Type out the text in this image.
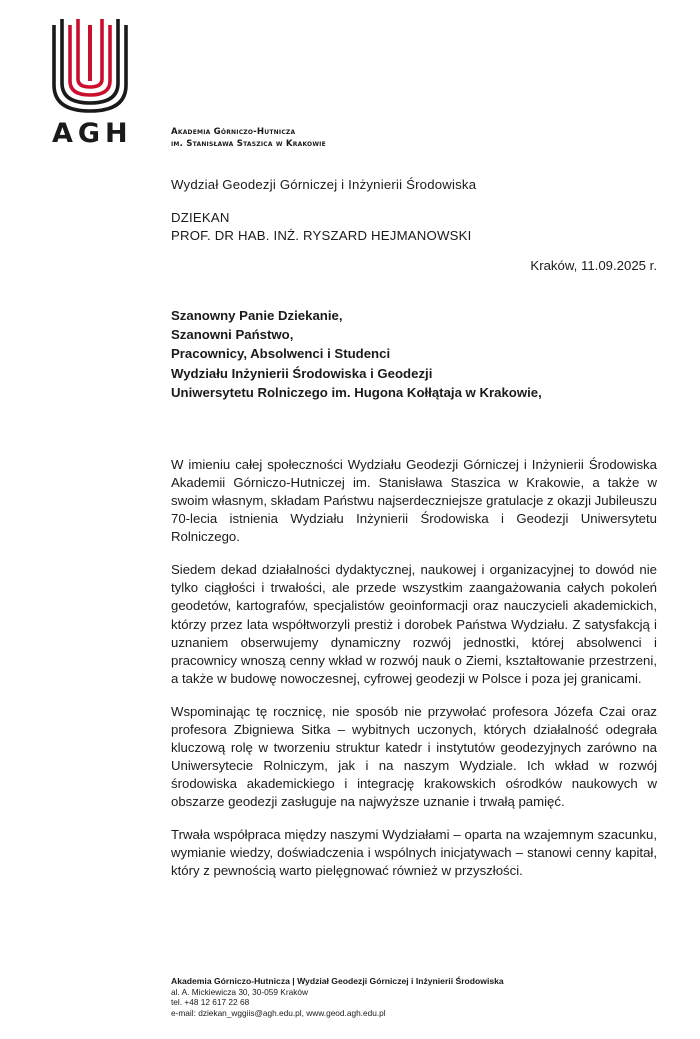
AGH	Akademia Górniczo-Hutnicza
im. Stanisława Staszica w Krakowie
Wydział Geodezji Górniczej i Inżynierii Środowiska
DZIEKAN
PROF. DR HAB. INŻ. RYSZARD HEJMANOWSKI
Kraków, 11.09.2025 r.
Szanowny Panie Dziekanie,
Szanowni Państwo,
Pracownicy, Absolwenci i Studenci
Wydziału Inżynierii Środowiska i Geodezji
Uniwersytetu Rolniczego im. Hugona Kołłątaja w Krakowie,

W imieniu całej społeczności Wydziału Geodezji Górniczej i Inżynierii Środowiska Akademii Górniczo-Hutniczej im. Stanisława Staszica w Krakowie, a także w swoim własnym, składam Państwu najserdeczniejsze gratulacje z okazji Jubileuszu 70-lecia istnienia Wydziału Inżynierii Środowiska i Geodezji Uniwersytetu Rolniczego.

Siedem dekad działalności dydaktycznej, naukowej i organizacyjnej to dowód nie tylko ciągłości i trwałości, ale przede wszystkim zaangażowania całych pokoleń geodetów, kartografów, specjalistów geoinformacji oraz nauczycieli akademickich, którzy przez lata współtworzyli prestiż i dorobek Państwa Wydziału. Z satysfakcją i uznaniem obserwujemy dynamiczny rozwój jednostki, której absolwenci i pracownicy wnoszą cenny wkład w rozwój nauk o Ziemi, kształtowanie przestrzeni, a także w budowę nowoczesnej, cyfrowej geodezji w Polsce i poza jej granicami.

Wspominając tę rocznicę, nie sposób nie przywołać profesora Józefa Czai oraz profesora Zbigniewa Sitka – wybitnych uczonych, których działalność odegrała kluczową rolę w tworzeniu struktur katedr i instytutów geodezyjnych zarówno na Uniwersytecie Rolniczym, jak i na naszym Wydziale. Ich wkład w rozwój środowiska akademickiego i integrację krakowskich ośrodków naukowych w obszarze geodezji zasługuje na najwyższe uznanie i trwałą pamięć.

Trwała współpraca między naszymi Wydziałami – oparta na wzajemnym szacunku, wymianie wiedzy, doświadczenia i wspólnych inicjatywach – stanowi cenny kapitał, który z pewnością warto pielęgnować również w przyszłości.

Akademia Górniczo-Hutnicza | Wydział Geodezji Górniczej i Inżynierii Środowiska
al. A. Mickiewicza 30, 30-059 Kraków
tel. +48 12 617 22 68
e-mail: dziekan_wggiis@agh.edu.pl, www.geod.agh.edu.pl
